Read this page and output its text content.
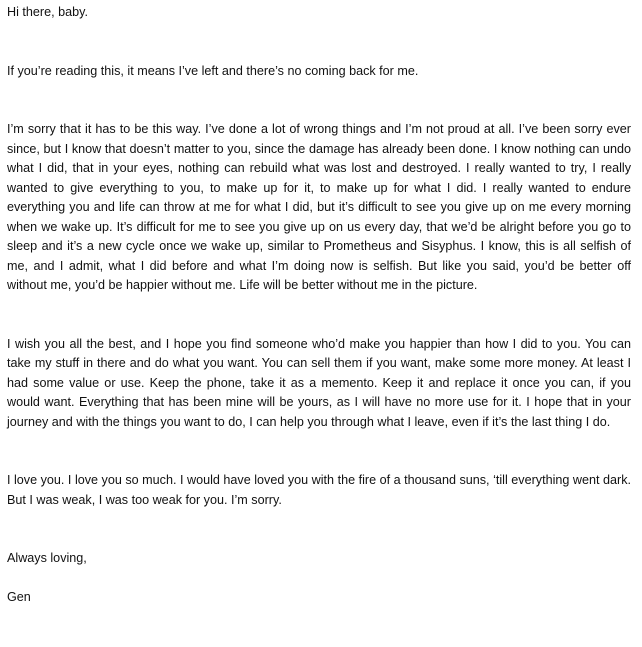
Hi there, baby.

If you’re reading this, it means I’ve left and there’s no coming back for me.

I’m sorry that it has to be this way. I’ve done a lot of wrong things and I’m not proud at all. I’ve been sorry ever since, but I know that doesn’t matter to you, since the damage has already been done. I know nothing can undo what I did, that in your eyes, nothing can rebuild what was lost and destroyed. I really wanted to try, I really wanted to give everything to you, to make up for it, to make up for what I did. I really wanted to endure everything you and life can throw at me for what I did, but it’s difficult to see you give up on me every morning when we wake up. It’s difficult for me to see you give up on us every day, that we’d be alright before you go to sleep and it’s a new cycle once we wake up, similar to Prometheus and Sisyphus. I know, this is all selfish of me, and I admit, what I did before and what I’m doing now is selfish. But like you said, you’d be better off without me, you’d be happier without me. Life will be better without me in the picture.

I wish you all the best, and I hope you find someone who’d make you happier than how I did to you. You can take my stuff in there and do what you want. You can sell them if you want, make some more money. At least I had some value or use. Keep the phone, take it as a memento. Keep it and replace it once you can, if you would want. Everything that has been mine will be yours, as I will have no more use for it. I hope that in your journey and with the things you want to do, I can help you through what I leave, even if it’s the last thing I do.

I love you. I love you so much. I would have loved you with the fire of a thousand suns, ‘till everything went dark. But I was weak, I was too weak for you. I’m sorry.

Always loving,

Gen
